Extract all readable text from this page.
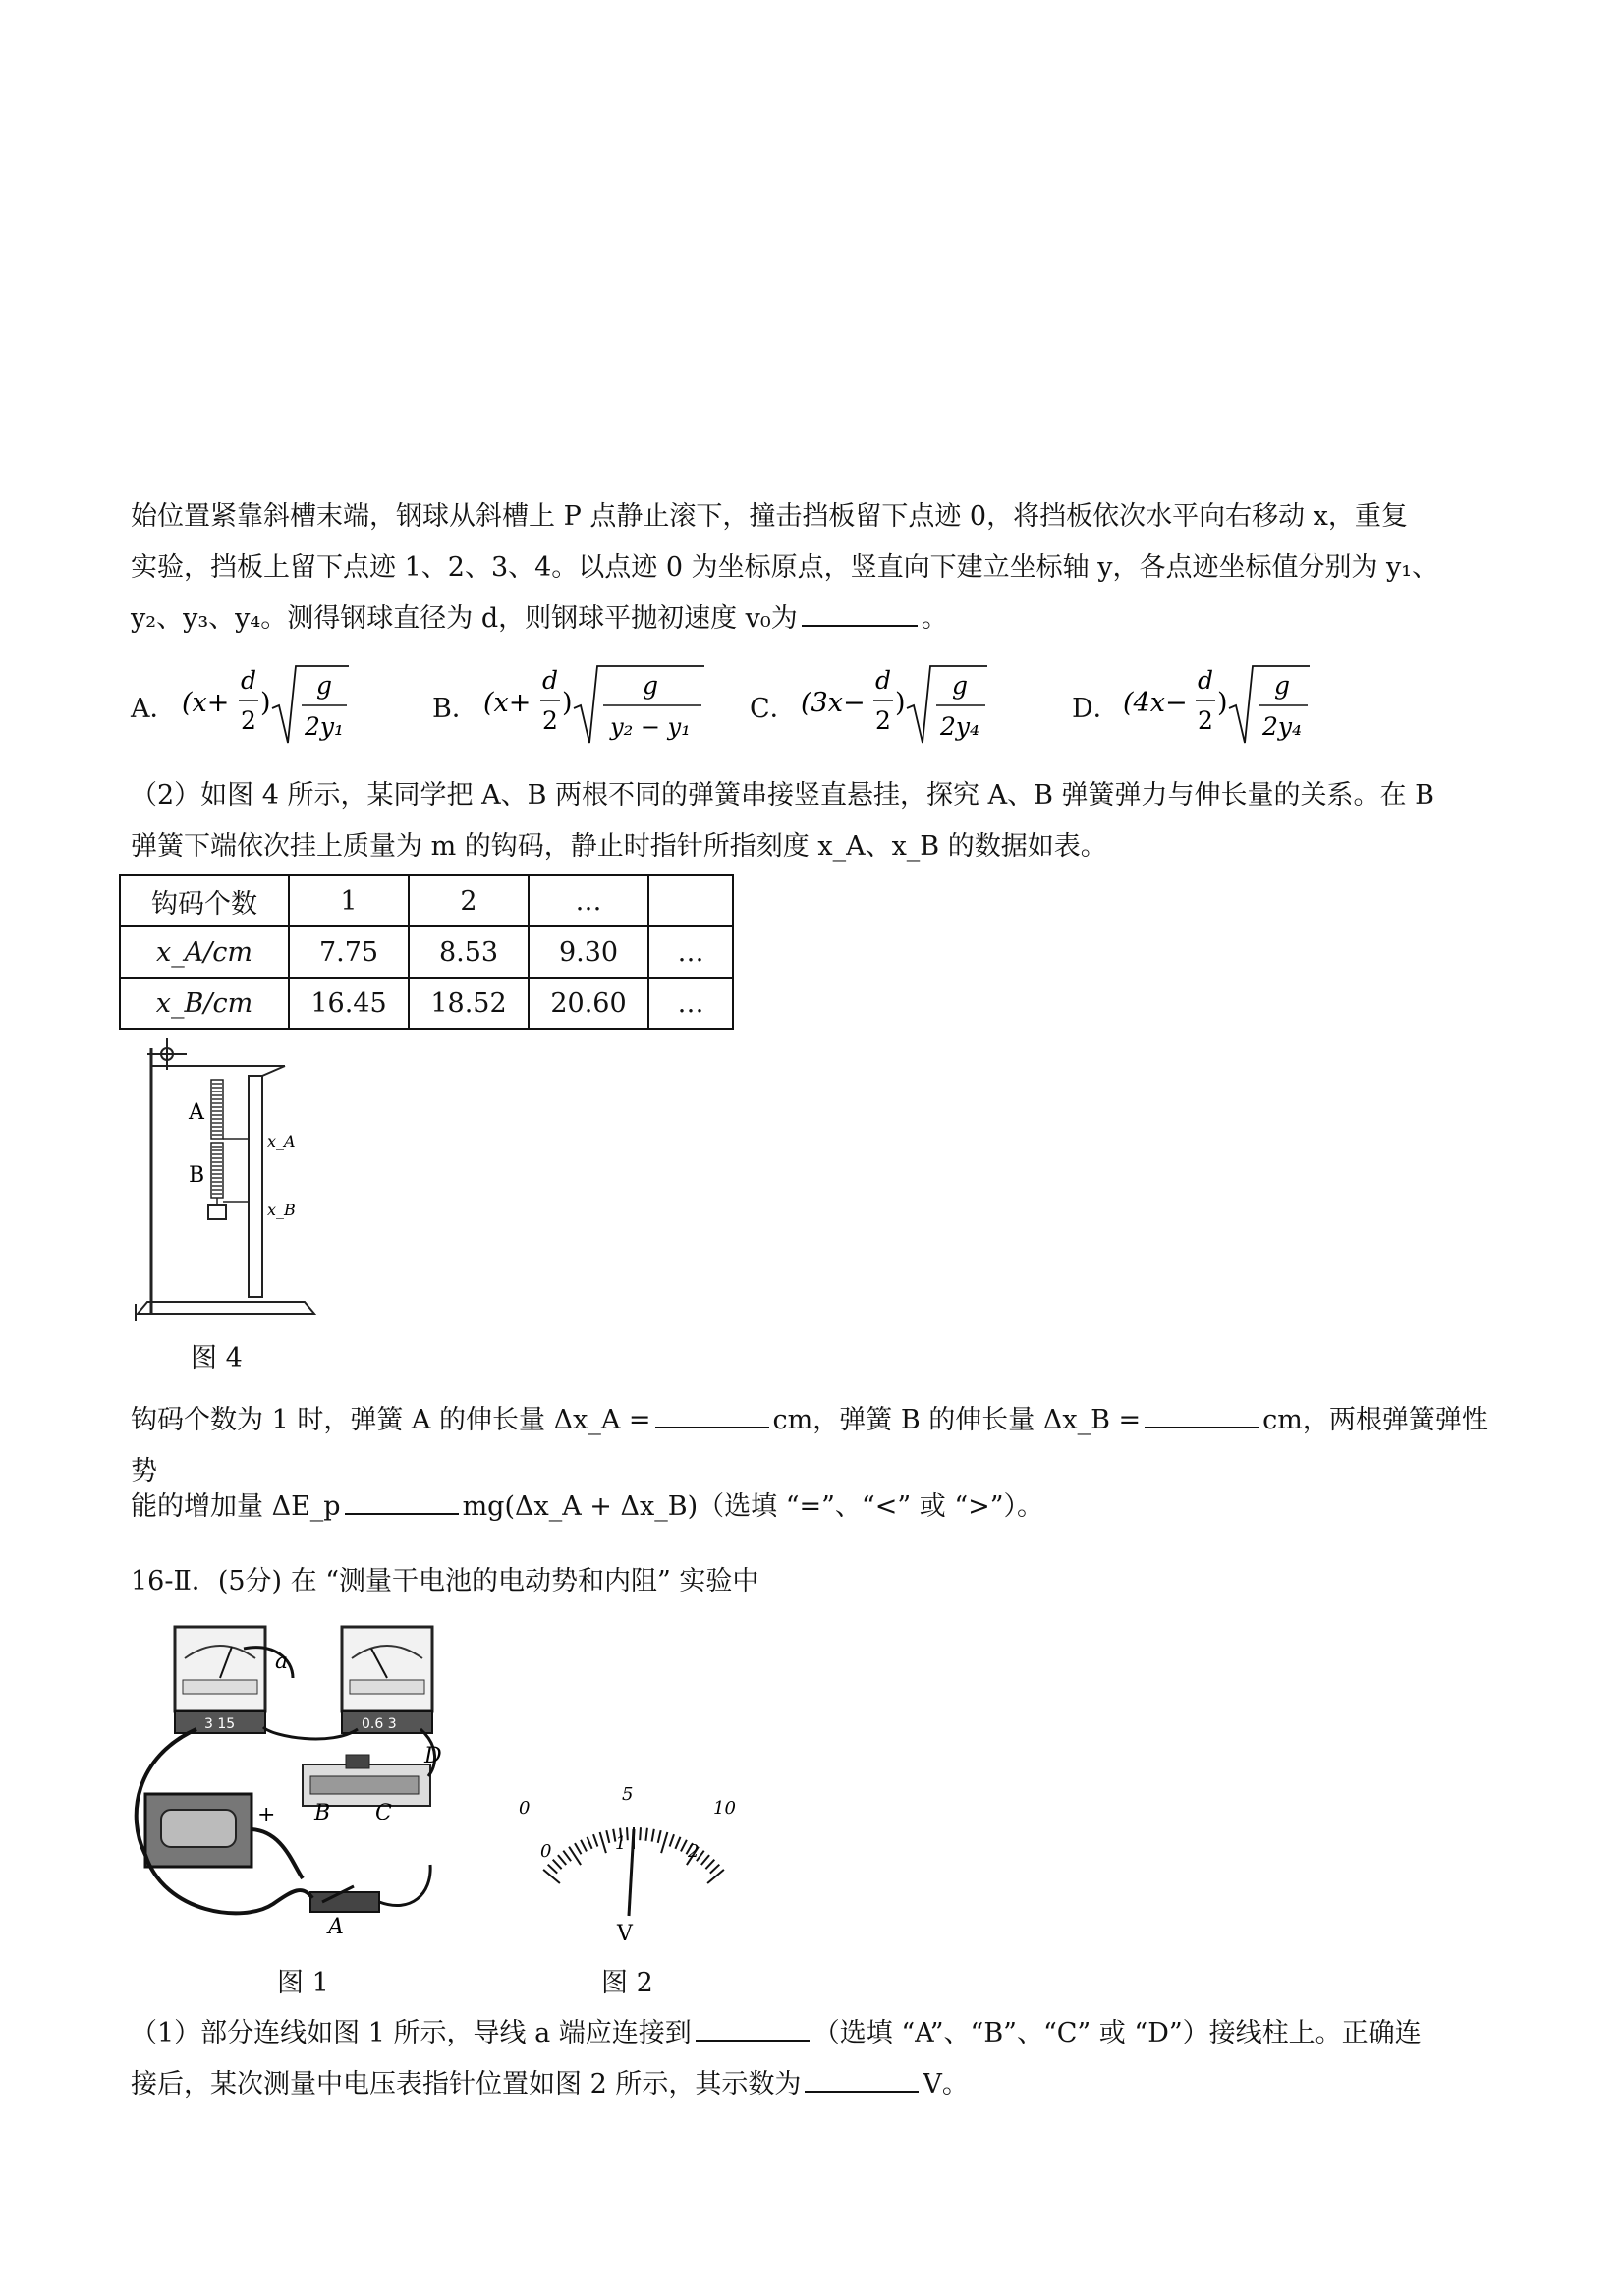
始位置紧靠斜槽末端，钢球从斜槽上 P 点静止滚下，撞击挡板留下点迹 0，将挡板依次水平向右移动 x，重复
实验，挡板上留下点迹 1、2、3、4。以点迹 0 为坐标原点，竖直向下建立坐标轴 y，各点迹坐标值分别为 y₁、
y₂、y₃、y₄。测得钢球直径为 d，则钢球平抛初速度 v₀为	。
A． (x+
d
2
)
g
2y₁
B． (x+
d
2
)
g
y₂ − y₁
C． (3x−
d
2
)
g
2y₄
D． (4x−
d
2
)
g
2y₄
（2）如图 4 所示，某同学把 A、B 两根不同的弹簧串接竖直悬挂，探究 A、B 弹簧弹力与伸长量的关系。在 B
弹簧下端依次挂上质量为 m 的钩码，静止时指针所指刻度 x_A、x_B 的数据如表。
钩码个数	1	2	…	
x_A/cm	7.75	8.53	9.30	…
x_B/cm	16.45	18.52	20.60	…
A
B
x_A
x_B
图 4
钩码个数为 1 时，弹簧 A 的伸长量 Δx_A =	cm，弹簧 B 的伸长量 Δx_B =	cm，两根弹簧弹性势
能的增加量 ΔE_p	mg(Δx_A + Δx_B)（选填 “=”、“<” 或 “>”）。
16-Ⅱ．(5分) 在 “测量干电池的电动势和内阻” 实验中
3 15	0.6 3
a
D
B C
+
A
图 1
0
5
10
0	1	2
V
图 2
（1）部分连线如图 1 所示，导线 a 端应连接到	（选填 “A”、“B”、“C” 或 “D”）接线柱上。正确连
接后，某次测量中电压表指针位置如图 2 所示，其示数为	V。
